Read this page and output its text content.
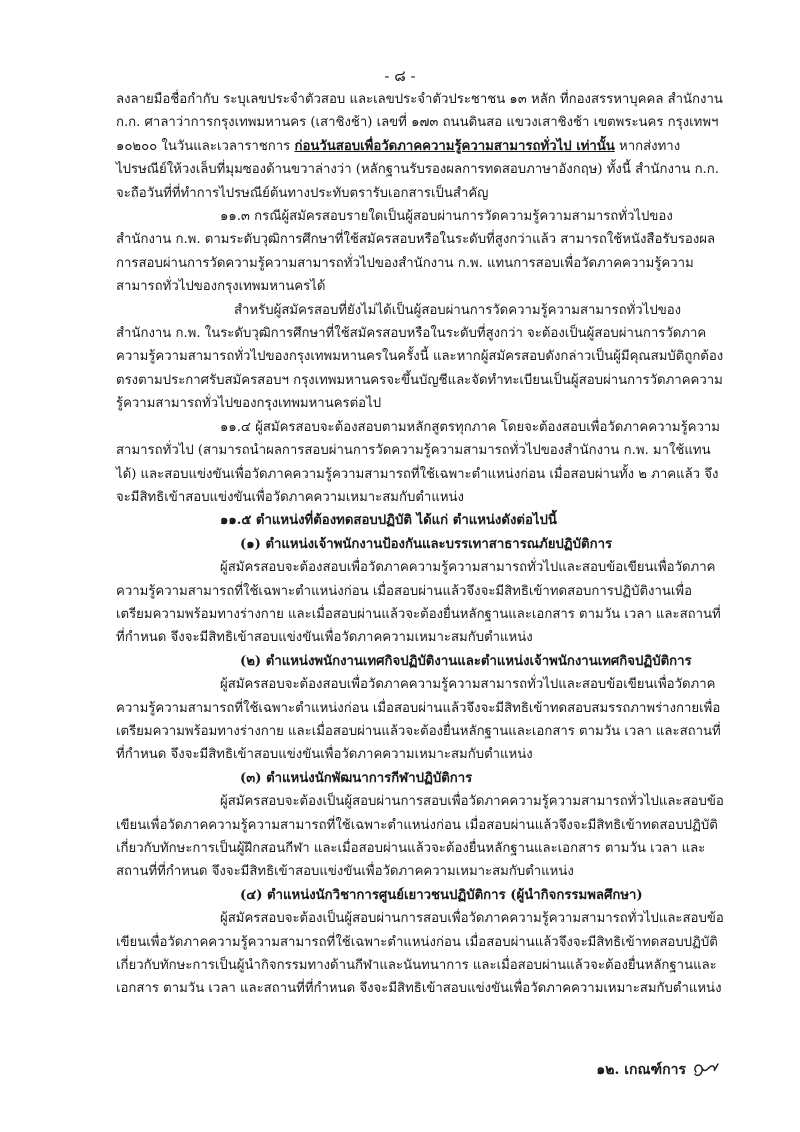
- ๘ -

ลงลายมือชื่อกำกับ ระบุเลขประจำตัวสอบ และเลขประจำตัวประชาชน ๑๓ หลัก ที่กองสรรหาบุคคล สำนักงาน ก.ก. ศาลาว่าการกรุงเทพมหานคร (เสาชิงช้า) เลขที่ ๑๗๓ ถนนดินสอ แขวงเสาชิงช้า เขตพระนคร กรุงเทพฯ ๑๐๒๐๐ ในวันและเวลาราชการ ก่อนวันสอบเพื่อวัดภาคความรู้ความสามารถทั่วไป เท่านั้น หากส่งทางไปรษณีย์ให้วงเล็บที่มุมซองด้านขวาล่างว่า (หลักฐานรับรองผลการทดสอบภาษาอังกฤษ) ทั้งนี้ สำนักงาน ก.ก. จะถือวันที่ที่ทำการไปรษณีย์ต้นทางประทับตรารับเอกสารเป็นสำคัญ

๑๑.๓ กรณีผู้สมัครสอบรายใดเป็นผู้สอบผ่านการวัดความรู้ความสามารถทั่วไปของสำนักงาน ก.พ. ตามระดับวุฒิการศึกษาที่ใช้สมัครสอบหรือในระดับที่สูงกว่าแล้ว สามารถใช้หนังสือรับรองผลการสอบผ่านการวัดความรู้ความสามารถทั่วไปของสำนักงาน ก.พ. แทนการสอบเพื่อวัดภาคความรู้ความสามารถทั่วไปของกรุงเทพมหานครได้

สำหรับผู้สมัครสอบที่ยังไม่ได้เป็นผู้สอบผ่านการวัดความรู้ความสามารถทั่วไปของสำนักงาน ก.พ. ในระดับวุฒิการศึกษาที่ใช้สมัครสอบหรือในระดับที่สูงกว่า จะต้องเป็นผู้สอบผ่านการวัดภาคความรู้ความสามารถทั่วไปของกรุงเทพมหานครในครั้งนี้ และหากผู้สมัครสอบดังกล่าวเป็นผู้มีคุณสมบัติถูกต้องตรงตามประกาศรับสมัครสอบฯ กรุงเทพมหานครจะขึ้นบัญชีและจัดทำทะเบียนเป็นผู้สอบผ่านการวัดภาคความรู้ความสามารถทั่วไปของกรุงเทพมหานครต่อไป

๑๑.๔ ผู้สมัครสอบจะต้องสอบตามหลักสูตรทุกภาค โดยจะต้องสอบเพื่อวัดภาคความรู้ความสามารถทั่วไป (สามารถนำผลการสอบผ่านการวัดความรู้ความสามารถทั่วไปของสำนักงาน ก.พ. มาใช้แทนได้) และสอบแข่งขันเพื่อวัดภาคความรู้ความสามารถที่ใช้เฉพาะตำแหน่งก่อน เมื่อสอบผ่านทั้ง ๒ ภาคแล้ว จึงจะมีสิทธิเข้าสอบแข่งขันเพื่อวัดภาคความเหมาะสมกับตำแหน่ง

๑๑.๕ ตำแหน่งที่ต้องทดสอบปฏิบัติ ได้แก่ ตำแหน่งดังต่อไปนี้

(๑) ตำแหน่งเจ้าพนักงานป้องกันและบรรเทาสาธารณภัยปฏิบัติการ

ผู้สมัครสอบจะต้องสอบเพื่อวัดภาคความรู้ความสามารถทั่วไปและสอบข้อเขียนเพื่อวัดภาคความรู้ความสามารถที่ใช้เฉพาะตำแหน่งก่อน เมื่อสอบผ่านแล้วจึงจะมีสิทธิเข้าทดสอบการปฏิบัติงานเพื่อเตรียมความพร้อมทางร่างกาย และเมื่อสอบผ่านแล้วจะต้องยื่นหลักฐานและเอกสาร ตามวัน เวลา และสถานที่ที่กำหนด จึงจะมีสิทธิเข้าสอบแข่งขันเพื่อวัดภาคความเหมาะสมกับตำแหน่ง

(๒) ตำแหน่งพนักงานเทศกิจปฏิบัติงานและตำแหน่งเจ้าพนักงานเทศกิจปฏิบัติการ

ผู้สมัครสอบจะต้องสอบเพื่อวัดภาคความรู้ความสามารถทั่วไปและสอบข้อเขียนเพื่อวัดภาคความรู้ความสามารถที่ใช้เฉพาะตำแหน่งก่อน เมื่อสอบผ่านแล้วจึงจะมีสิทธิเข้าทดสอบสมรรถภาพร่างกายเพื่อเตรียมความพร้อมทางร่างกาย และเมื่อสอบผ่านแล้วจะต้องยื่นหลักฐานและเอกสาร ตามวัน เวลา และสถานที่ที่กำหนด จึงจะมีสิทธิเข้าสอบแข่งขันเพื่อวัดภาคความเหมาะสมกับตำแหน่ง

(๓) ตำแหน่งนักพัฒนาการกีฬาปฏิบัติการ

ผู้สมัครสอบจะต้องเป็นผู้สอบผ่านการสอบเพื่อวัดภาคความรู้ความสามารถทั่วไปและสอบข้อเขียนเพื่อวัดภาคความรู้ความสามารถที่ใช้เฉพาะตำแหน่งก่อน เมื่อสอบผ่านแล้วจึงจะมีสิทธิเข้าทดสอบปฏิบัติเกี่ยวกับทักษะการเป็นผู้ฝึกสอนกีฬา และเมื่อสอบผ่านแล้วจะต้องยื่นหลักฐานและเอกสาร ตามวัน เวลา และสถานที่ที่กำหนด จึงจะมีสิทธิเข้าสอบแข่งขันเพื่อวัดภาคความเหมาะสมกับตำแหน่ง

(๔) ตำแหน่งนักวิชาการศูนย์เยาวชนปฏิบัติการ (ผู้นำกิจกรรมพลศึกษา)

ผู้สมัครสอบจะต้องเป็นผู้สอบผ่านการสอบเพื่อวัดภาคความรู้ความสามารถทั่วไปและสอบข้อเขียนเพื่อวัดภาคความรู้ความสามารถที่ใช้เฉพาะตำแหน่งก่อน เมื่อสอบผ่านแล้วจึงจะมีสิทธิเข้าทดสอบปฏิบัติเกี่ยวกับทักษะการเป็นผู้นำกิจกรรมทางด้านกีฬาและนันทนาการ และเมื่อสอบผ่านแล้วจะต้องยื่นหลักฐานและเอกสาร ตามวัน เวลา และสถานที่ที่กำหนด จึงจะมีสิทธิเข้าสอบแข่งขันเพื่อวัดภาคความเหมาะสมกับตำแหน่ง

๑๒. เกณฑ์การ
